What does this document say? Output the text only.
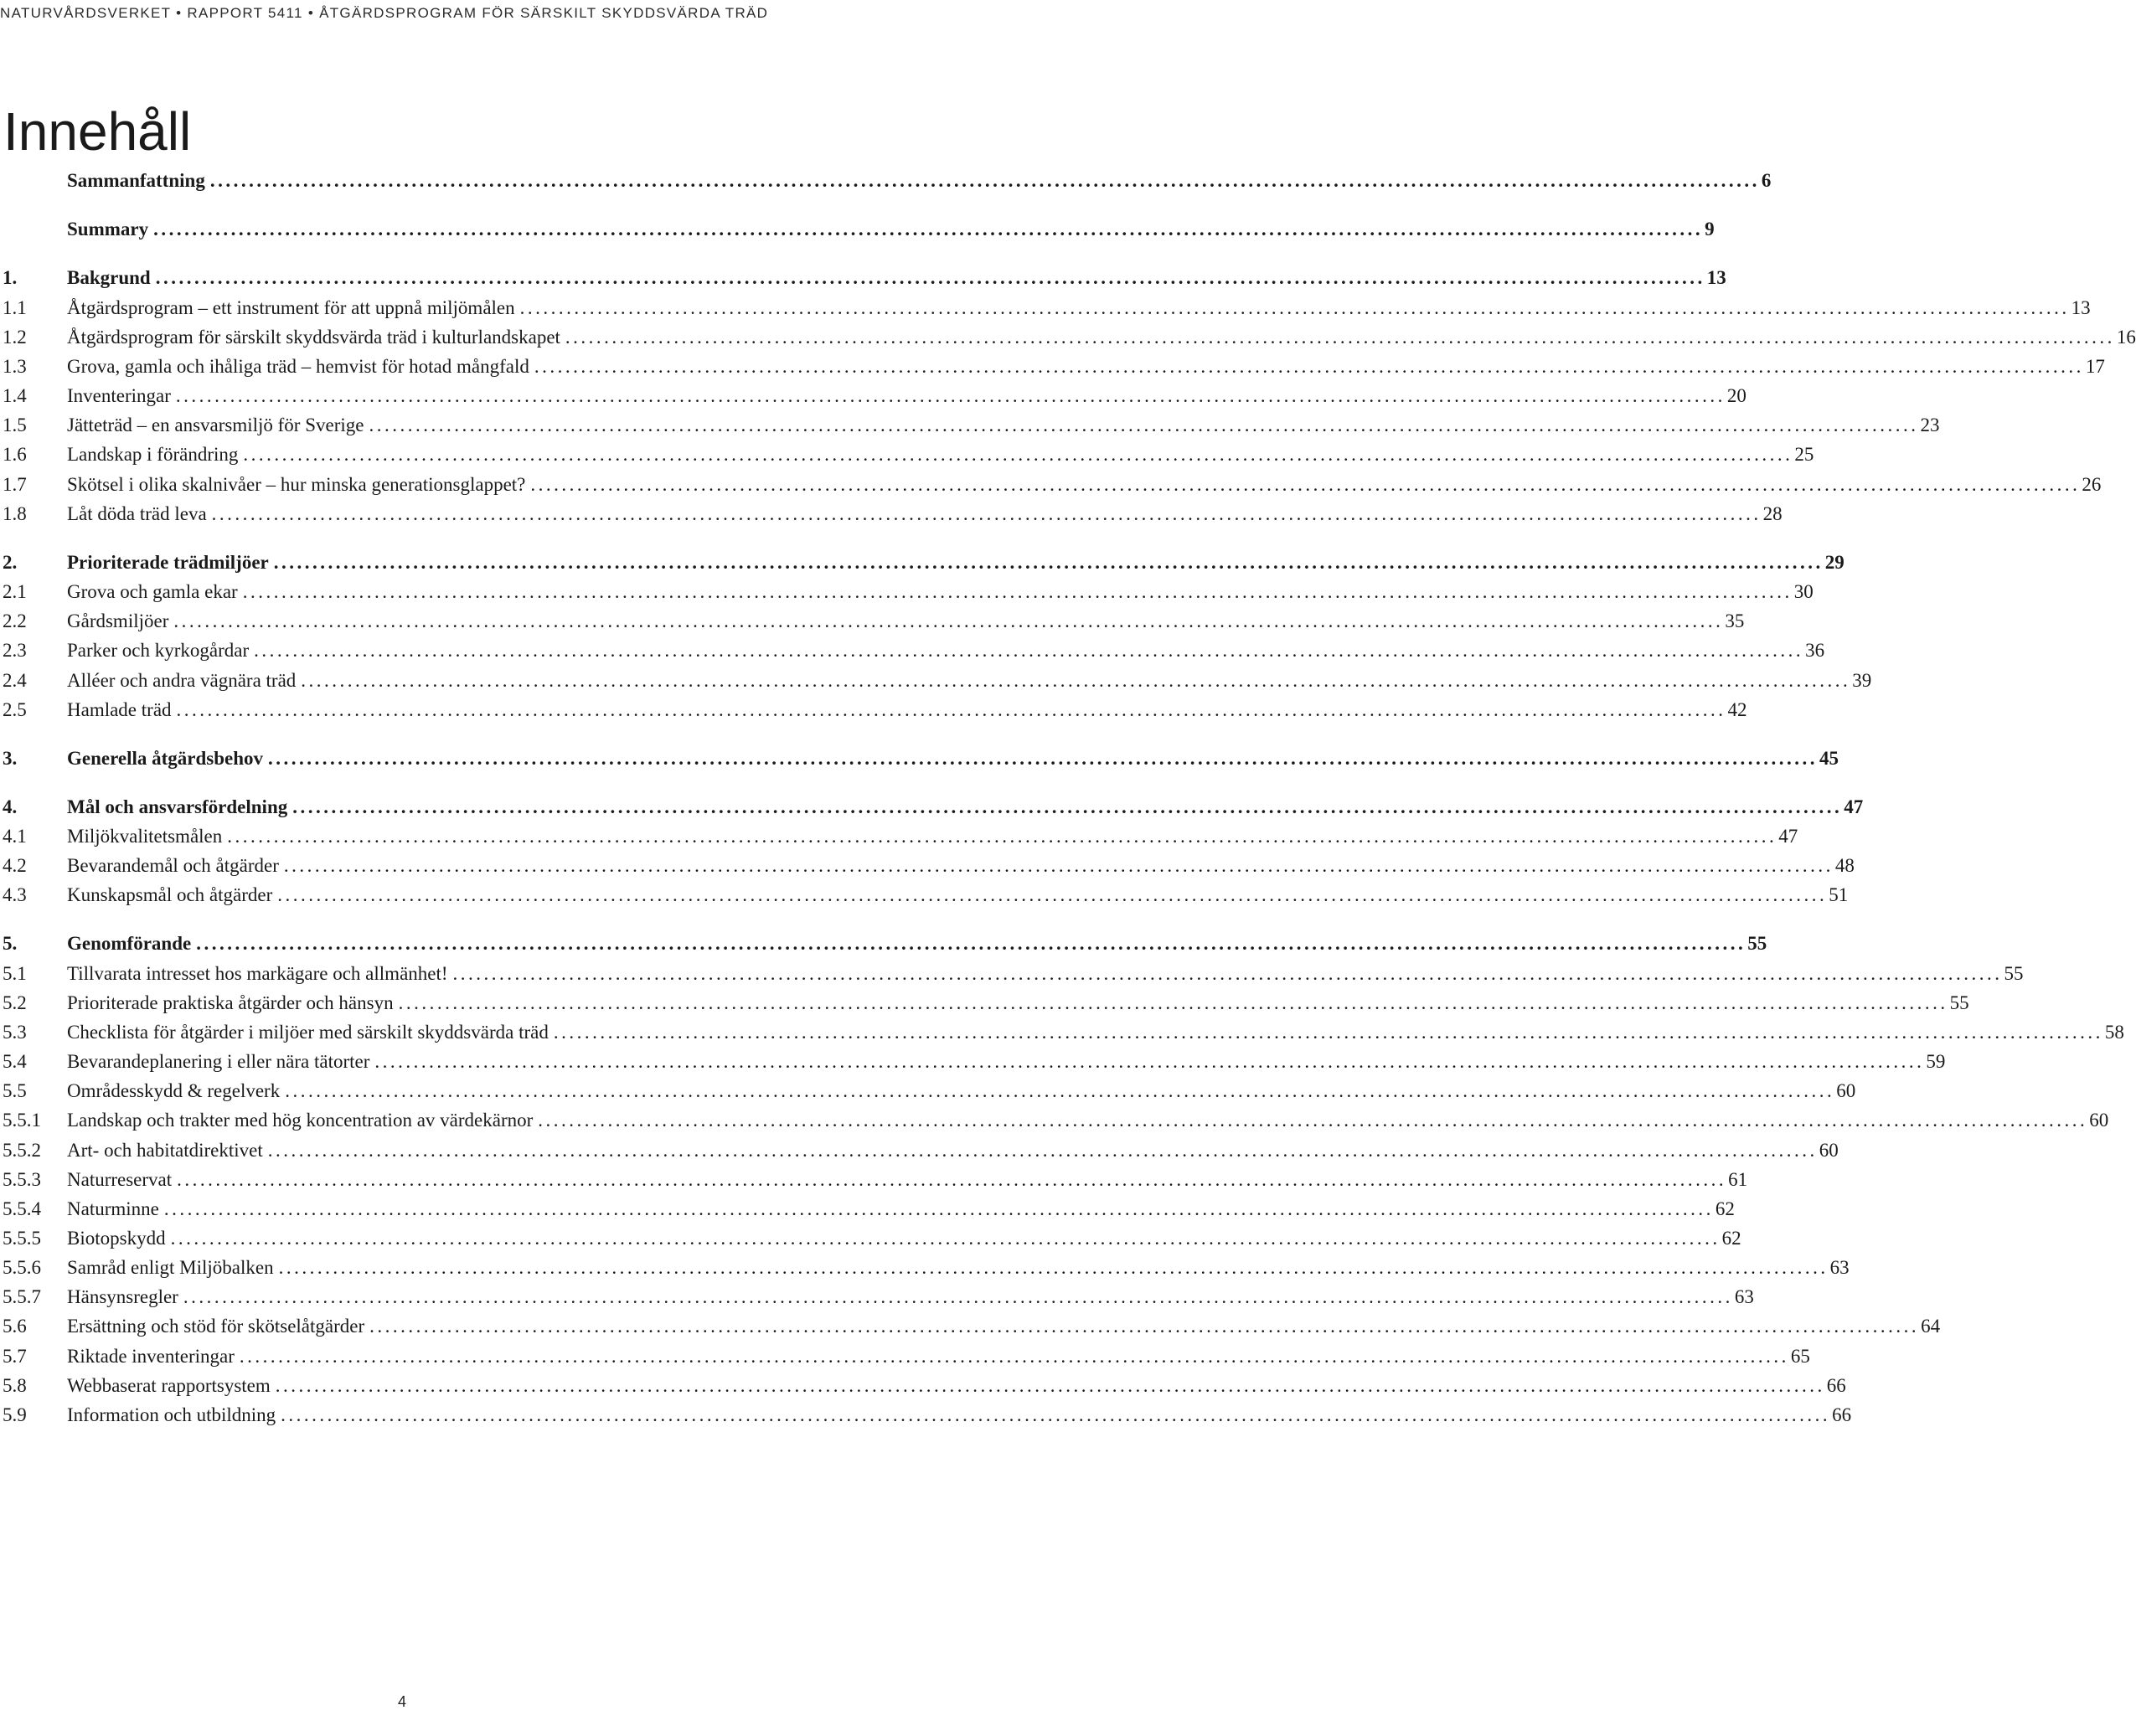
NATURVÅRDSVERKET • RAPPORT 5411 • ÅTGÄRDSPROGRAM FÖR SÄRSKILT SKYDDSVÄRDA TRÄD
Innehåll
Sammanfattning ........................................................................................................................................................................................................ 6
Summary ........................................................................................................................................................................................................ 9
1.	Bakgrund ........................................................................................................................................................................................................ 13
1.1	Åtgärdsprogram – ett instrument för att uppnå miljömålen ........................................................................................................................................................................................................ 13
1.2	Åtgärdsprogram för särskilt skyddsvärda träd i kulturlandskapet ........................................................................................................................................................................................................ 16
1.3	Grova, gamla och ihåliga träd – hemvist för hotad mångfald ........................................................................................................................................................................................................ 17
1.4	Inventeringar ........................................................................................................................................................................................................ 20
1.5	Jätteträd – en ansvarsmiljö för Sverige ........................................................................................................................................................................................................ 23
1.6	Landskap i förändring ........................................................................................................................................................................................................ 25
1.7	Skötsel i olika skalnivåer – hur minska generationsglappet? ........................................................................................................................................................................................................ 26
1.8	Låt döda träd leva ........................................................................................................................................................................................................ 28
2.	Prioriterade trädmiljöer ........................................................................................................................................................................................................ 29
2.1	Grova och gamla ekar ........................................................................................................................................................................................................ 30
2.2	Gårdsmiljöer ........................................................................................................................................................................................................ 35
2.3	Parker och kyrkogårdar ........................................................................................................................................................................................................ 36
2.4	Alléer och andra vägnära träd ........................................................................................................................................................................................................ 39
2.5	Hamlade träd ........................................................................................................................................................................................................ 42
3.	Generella åtgärdsbehov ........................................................................................................................................................................................................ 45
4.	Mål och ansvarsfördelning ........................................................................................................................................................................................................ 47
4.1	Miljökvalitetsmålen ........................................................................................................................................................................................................ 47
4.2	Bevarandemål och åtgärder ........................................................................................................................................................................................................ 48
4.3	Kunskapsmål och åtgärder ........................................................................................................................................................................................................ 51
5.	Genomförande ........................................................................................................................................................................................................ 55
5.1	Tillvarata intresset hos markägare och allmänhet! ........................................................................................................................................................................................................ 55
5.2	Prioriterade praktiska åtgärder och hänsyn ........................................................................................................................................................................................................ 55
5.3	Checklista för åtgärder i miljöer med särskilt skyddsvärda träd ........................................................................................................................................................................................................ 58
5.4	Bevarandeplanering i eller nära tätorter ........................................................................................................................................................................................................ 59
5.5	Områdesskydd & regelverk ........................................................................................................................................................................................................ 60
5.5.1	Landskap och trakter med hög koncentration av värdekärnor ........................................................................................................................................................................................................ 60
5.5.2	Art- och habitatdirektivet ........................................................................................................................................................................................................ 60
5.5.3	Naturreservat ........................................................................................................................................................................................................ 61
5.5.4	Naturminne ........................................................................................................................................................................................................ 62
5.5.5	Biotopskydd ........................................................................................................................................................................................................ 62
5.5.6	Samråd enligt Miljöbalken ........................................................................................................................................................................................................ 63
5.5.7	Hänsynsregler ........................................................................................................................................................................................................ 63
5.6	Ersättning och stöd för skötselåtgärder ........................................................................................................................................................................................................ 64
5.7	Riktade inventeringar ........................................................................................................................................................................................................ 65
5.8	Webbaserat rapportsystem ........................................................................................................................................................................................................ 66
5.9	Information och utbildning ........................................................................................................................................................................................................ 66
4
